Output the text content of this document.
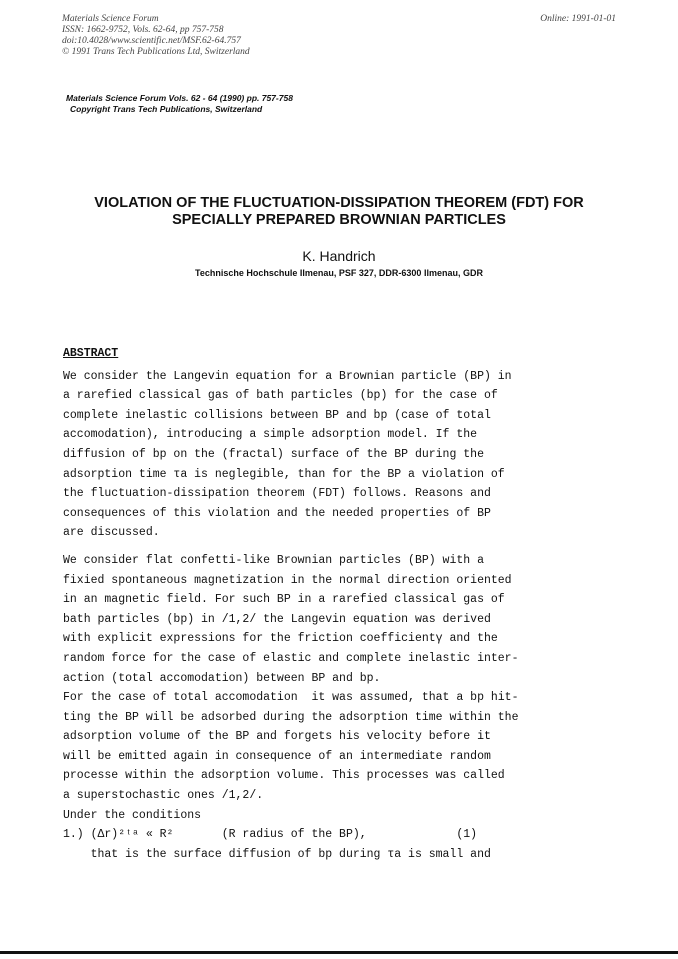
Materials Science Forum
ISSN: 1662-9752, Vols. 62-64, pp 757-758
doi:10.4028/www.scientific.net/MSF.62-64.757
© 1991 Trans Tech Publications Ltd, Switzerland
Online: 1991-01-01
Materials Science Forum Vols. 62 - 64 (1990) pp. 757-758
Copyright Trans Tech Publications, Switzerland
VIOLATION OF THE FLUCTUATION-DISSIPATION THEOREM (FDT) FOR
SPECIALLY PREPARED BROWNIAN PARTICLES
K. Handrich
Technische Hochschule Ilmenau, PSF 327, DDR-6300 Ilmenau, GDR
ABSTRACT

We consider the Langevin equation for a Brownian particle (BP) in

a rarefied classical gas of bath particles (bp) for the case of

complete inelastic collisions between BP and bp (case of total

accomodation), introducing a simple adsorption model. If the

diffusion of bp on the (fractal) surface of the BP during the

adsorption time τa is neglegible, than for the BP a violation of

the fluctuation-dissipation theorem (FDT) follows. Reasons and

consequences of this violation and the needed properties of BP

are discussed.

We consider flat confetti-like Brownian particles (BP) with a

fixied spontaneous magnetization in the normal direction oriented

in an magnetic field. For such BP in a rarefied classical gas of

bath particles (bp) in /1,2/ the Langevin equation was derived

with explicit expressions for the friction coefficientγ and the

random force for the case of elastic and complete inelastic inter-

action (total accomodation) between BP and bp.

For the case of total accomodation  it was assumed, that a bp hit-

ting the BP will be adsorbed during the adsorption time within the

adsorption volume of the BP and forgets his velocity before it

will be emitted again in consequence of an intermediate random

processe within the adsorption volume. This processes was called

a superstochastic ones /1,2/.

Under the conditions

1.) (Δr)²ᵗᵃ « R²       (R radius of the BP),             (1)

that is the surface diffusion of bp during τa is small and
